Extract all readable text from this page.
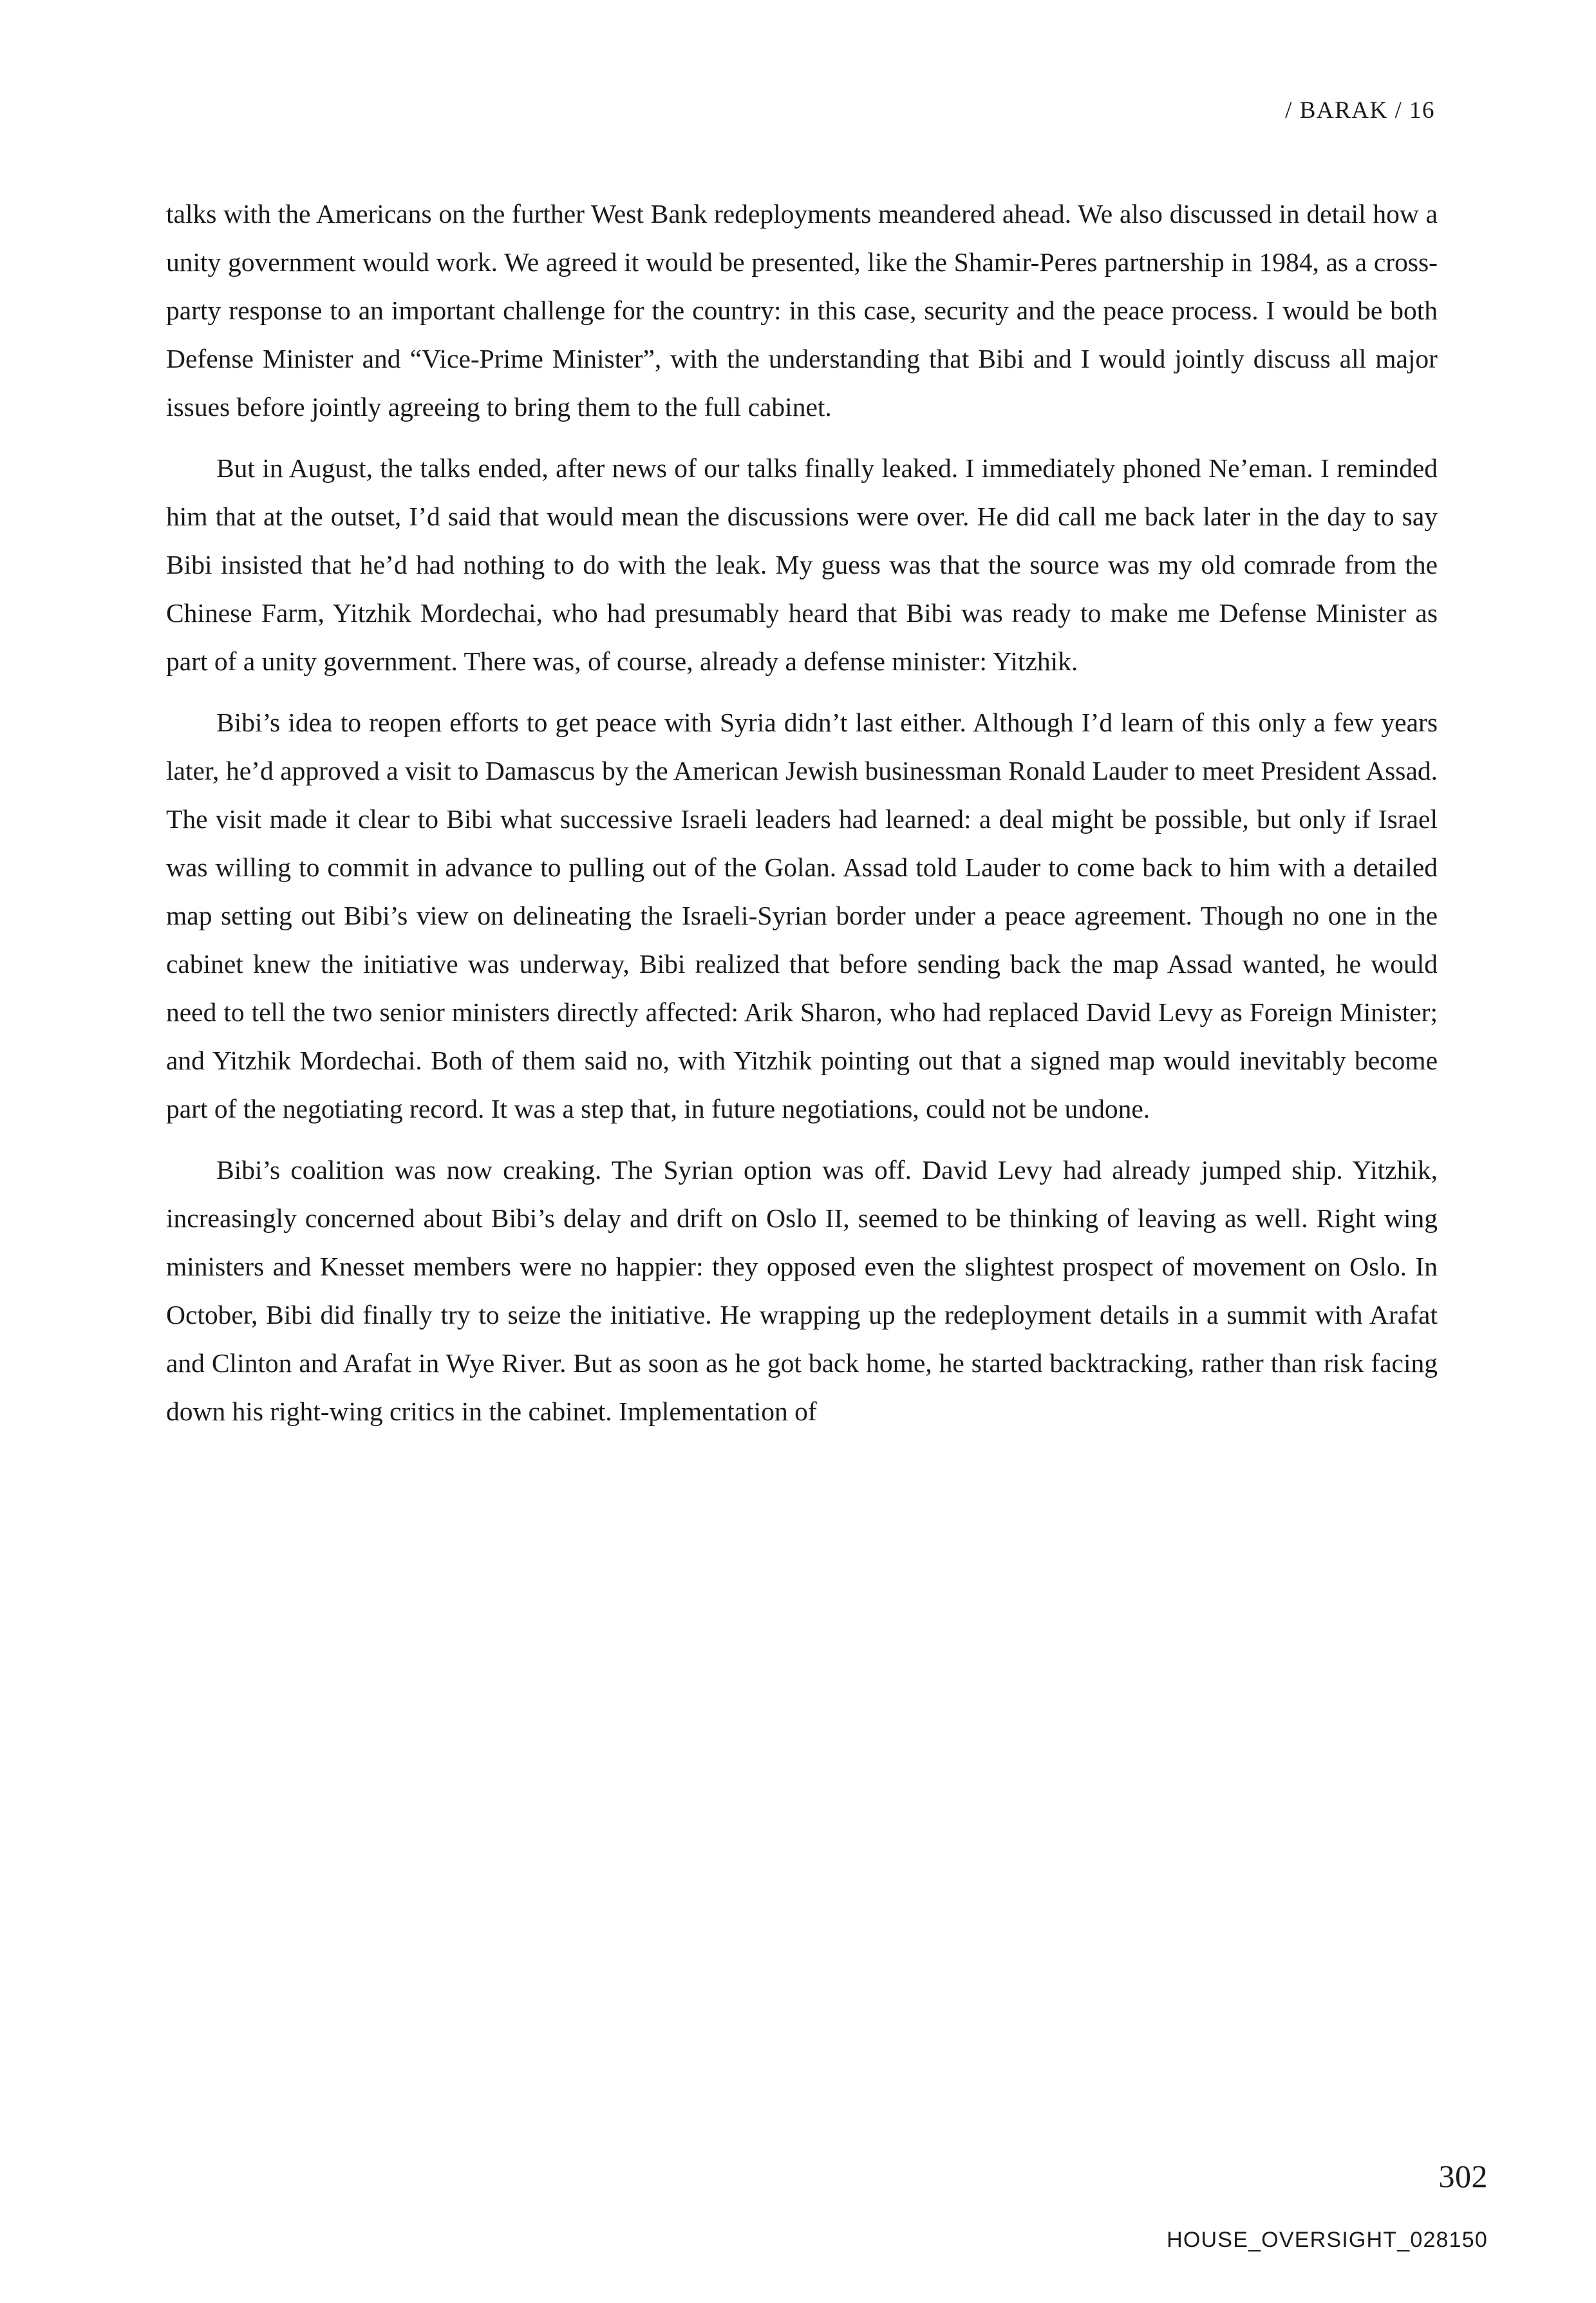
/ BARAK / 16

talks with the Americans on the further West Bank redeployments meandered ahead. We also discussed in detail how a unity government would work. We agreed it would be presented, like the Shamir-Peres partnership in 1984, as a cross-party response to an important challenge for the country: in this case, security and the peace process. I would be both Defense Minister and “Vice-Prime Minister”, with the understanding that Bibi and I would jointly discuss all major issues before jointly agreeing to bring them to the full cabinet.

But in August, the talks ended, after news of our talks finally leaked. I immediately phoned Ne’eman. I reminded him that at the outset, I’d said that would mean the discussions were over. He did call me back later in the day to say Bibi insisted that he’d had nothing to do with the leak. My guess was that the source was my old comrade from the Chinese Farm, Yitzhik Mordechai, who had presumably heard that Bibi was ready to make me Defense Minister as part of a unity government. There was, of course, already a defense minister: Yitzhik.

Bibi’s idea to reopen efforts to get peace with Syria didn’t last either. Although I’d learn of this only a few years later, he’d approved a visit to Damascus by the American Jewish businessman Ronald Lauder to meet President Assad. The visit made it clear to Bibi what successive Israeli leaders had learned: a deal might be possible, but only if Israel was willing to commit in advance to pulling out of the Golan. Assad told Lauder to come back to him with a detailed map setting out Bibi’s view on delineating the Israeli-Syrian border under a peace agreement. Though no one in the cabinet knew the initiative was underway, Bibi realized that before sending back the map Assad wanted, he would need to tell the two senior ministers directly affected: Arik Sharon, who had replaced David Levy as Foreign Minister; and Yitzhik Mordechai. Both of them said no, with Yitzhik pointing out that a signed map would inevitably become part of the negotiating record. It was a step that, in future negotiations, could not be undone.

Bibi’s coalition was now creaking. The Syrian option was off. David Levy had already jumped ship. Yitzhik, increasingly concerned about Bibi’s delay and drift on Oslo II, seemed to be thinking of leaving as well. Right wing ministers and Knesset members were no happier: they opposed even the slightest prospect of movement on Oslo. In October, Bibi did finally try to seize the initiative. He wrapping up the redeployment details in a summit with Arafat and Clinton and Arafat in Wye River. But as soon as he got back home, he started backtracking, rather than risk facing down his right-wing critics in the cabinet. Implementation of

302
HOUSE_OVERSIGHT_028150
